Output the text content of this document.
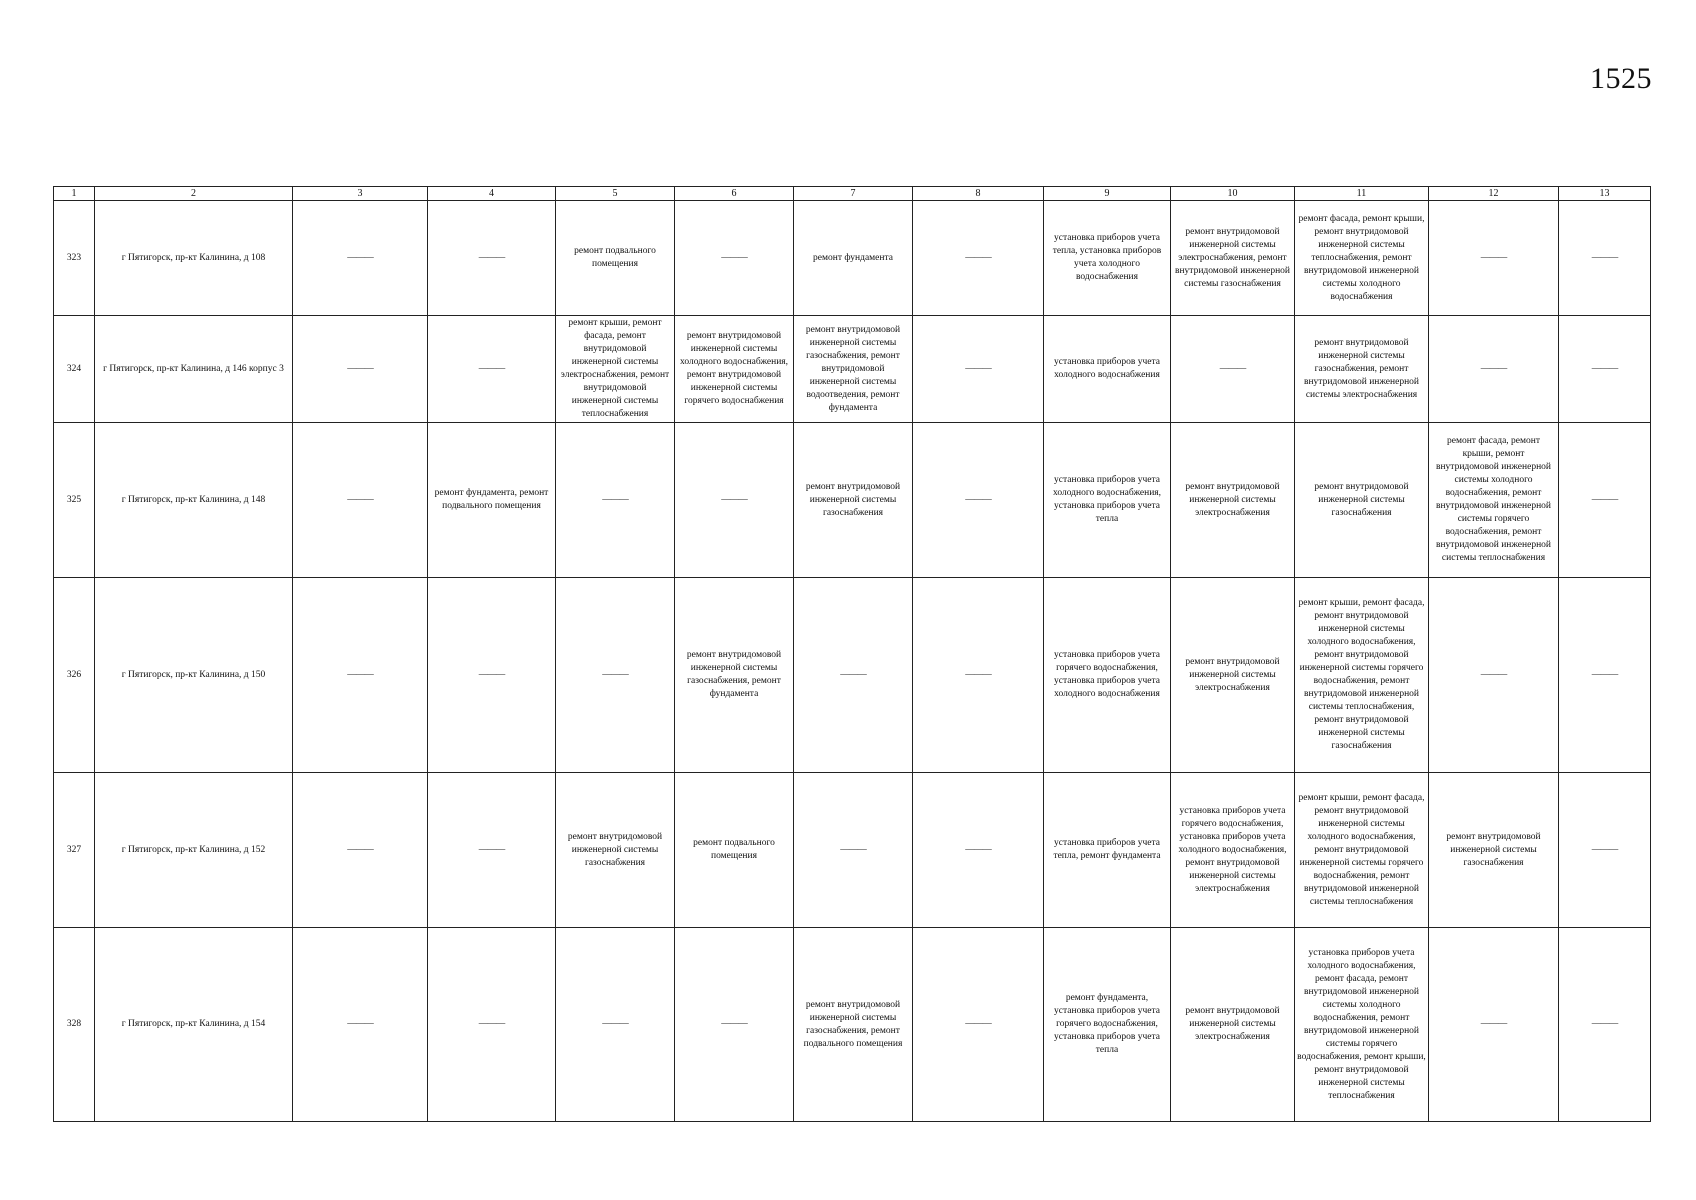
1525
1	2	3	4	5	6	7	8	9	10	11	12	13
323	г Пятигорск, пр-кт Калинина, д 108	———	———	ремонт подвального помещения	———	ремонт фундамента	———	установка приборов учета тепла, установка приборов учета холодного водоснабжения	ремонт внутридомовой инженерной системы электроснабжения, ремонт внутридомовой инженерной системы газоснабжения	ремонт фасада, ремонт крыши, ремонт внутридомовой инженерной системы теплоснабжения, ремонт внутридомовой инженерной системы холодного водоснабжения	———	———
324	г Пятигорск, пр-кт Калинина, д 146 корпус 3	———	———	ремонт крыши, ремонт фасада, ремонт внутридомовой инженерной системы электроснабжения, ремонт внутридомовой инженерной системы теплоснабжения	ремонт внутридомовой инженерной системы холодного водоснабжения, ремонт внутридомовой инженерной системы горячего водоснабжения	ремонт внутридомовой инженерной системы газоснабжения, ремонт внутридомовой инженерной системы водоотведения, ремонт фундамента	———	установка приборов учета холодного водоснабжения	———	ремонт внутридомовой инженерной системы газоснабжения, ремонт внутридомовой инженерной системы электроснабжения	———	———
325	г Пятигорск, пр-кт Калинина, д 148	———	ремонт фундамента, ремонт подвального помещения	———	———	ремонт внутридомовой инженерной системы газоснабжения	———	установка приборов учета холодного водоснабжения, установка приборов учета тепла	ремонт внутридомовой инженерной системы электроснабжения	ремонт внутридомовой инженерной системы газоснабжения	ремонт фасада, ремонт крыши, ремонт внутридомовой инженерной системы холодного водоснабжения, ремонт внутридомовой инженерной системы горячего водоснабжения, ремонт внутридомовой инженерной системы теплоснабжения	———
326	г Пятигорск, пр-кт Калинина, д 150	———	———	———	ремонт внутридомовой инженерной системы газоснабжения, ремонт фундамента	———	———	установка приборов учета горячего водоснабжения, установка приборов учета холодного водоснабжения	ремонт внутридомовой инженерной системы электроснабжения	ремонт крыши, ремонт фасада, ремонт внутридомовой инженерной системы холодного водоснабжения, ремонт внутридомовой инженерной системы горячего водоснабжения, ремонт внутридомовой инженерной системы теплоснабжения, ремонт внутридомовой инженерной системы газоснабжения	———	———
327	г Пятигорск, пр-кт Калинина, д 152	———	———	ремонт внутридомовой инженерной системы газоснабжения	ремонт подвального помещения	———	———	установка приборов учета тепла, ремонт фундамента	установка приборов учета горячего водоснабжения, установка приборов учета холодного водоснабжения, ремонт внутридомовой инженерной системы электроснабжения	ремонт крыши, ремонт фасада, ремонт внутридомовой инженерной системы холодного водоснабжения, ремонт внутридомовой инженерной системы горячего водоснабжения, ремонт внутридомовой инженерной системы теплоснабжения	ремонт внутридомовой инженерной системы газоснабжения	———
328	г Пятигорск, пр-кт Калинина, д 154	———	———	———	———	ремонт внутридомовой инженерной системы газоснабжения, ремонт подвального помещения	———	ремонт фундамента, установка приборов учета горячего водоснабжения, установка приборов учета тепла	ремонт внутридомовой инженерной системы электроснабжения	установка приборов учета холодного водоснабжения, ремонт фасада, ремонт внутридомовой инженерной системы холодного водоснабжения, ремонт внутридомовой инженерной системы горячего водоснабжения, ремонт крыши, ремонт внутридомовой инженерной системы теплоснабжения	———	———
